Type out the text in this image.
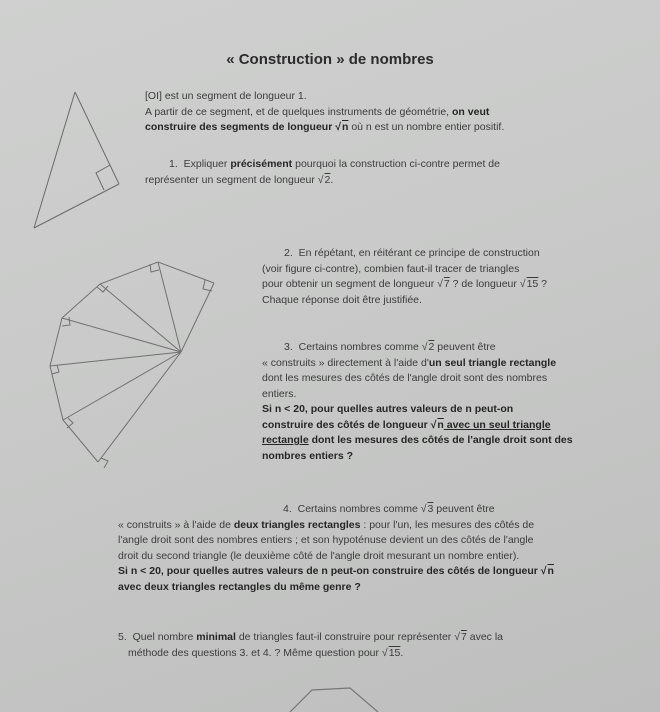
« Construction » de nombres
[OI] est un segment de longueur 1.
A partir de ce segment, et de quelques instruments de géométrie, on veut
construire des segments de longueur √n où n est un nombre entier positif.
1. Expliquer précisément pourquoi la construction ci-contre permet de
représenter un segment de longueur √2.
2. En répétant, en réitérant ce principe de construction
(voir figure ci-contre), combien faut-il tracer de triangles
pour obtenir un segment de longueur √7 ? de longueur √15 ?
Chaque réponse doit être justifiée.
3. Certains nombres comme √2 peuvent être
« construits » directement à l'aide d'un seul triangle rectangle
dont les mesures des côtés de l'angle droit sont des nombres
entiers.
Si n < 20, pour quelles autres valeurs de n peut-on
construire des côtés de longueur √n avec un seul triangle
rectangle dont les mesures des côtés de l'angle droit sont des
nombres entiers ?
4. Certains nombres comme √3 peuvent être
« construits » à l'aide de deux triangles rectangles : pour l'un, les mesures des côtés de
l'angle droit sont des nombres entiers ; et son hypoténuse devient un des côtés de l'angle
droit du second triangle (le deuxième côté de l'angle droit mesurant un nombre entier).
Si n < 20, pour quelles autres valeurs de n peut-on construire des côtés de longueur √n
avec deux triangles rectangles du même genre ?
5. Quel nombre minimal de triangles faut-il construire pour représenter √7 avec la
méthode des questions 3. et 4. ? Même question pour √15.
